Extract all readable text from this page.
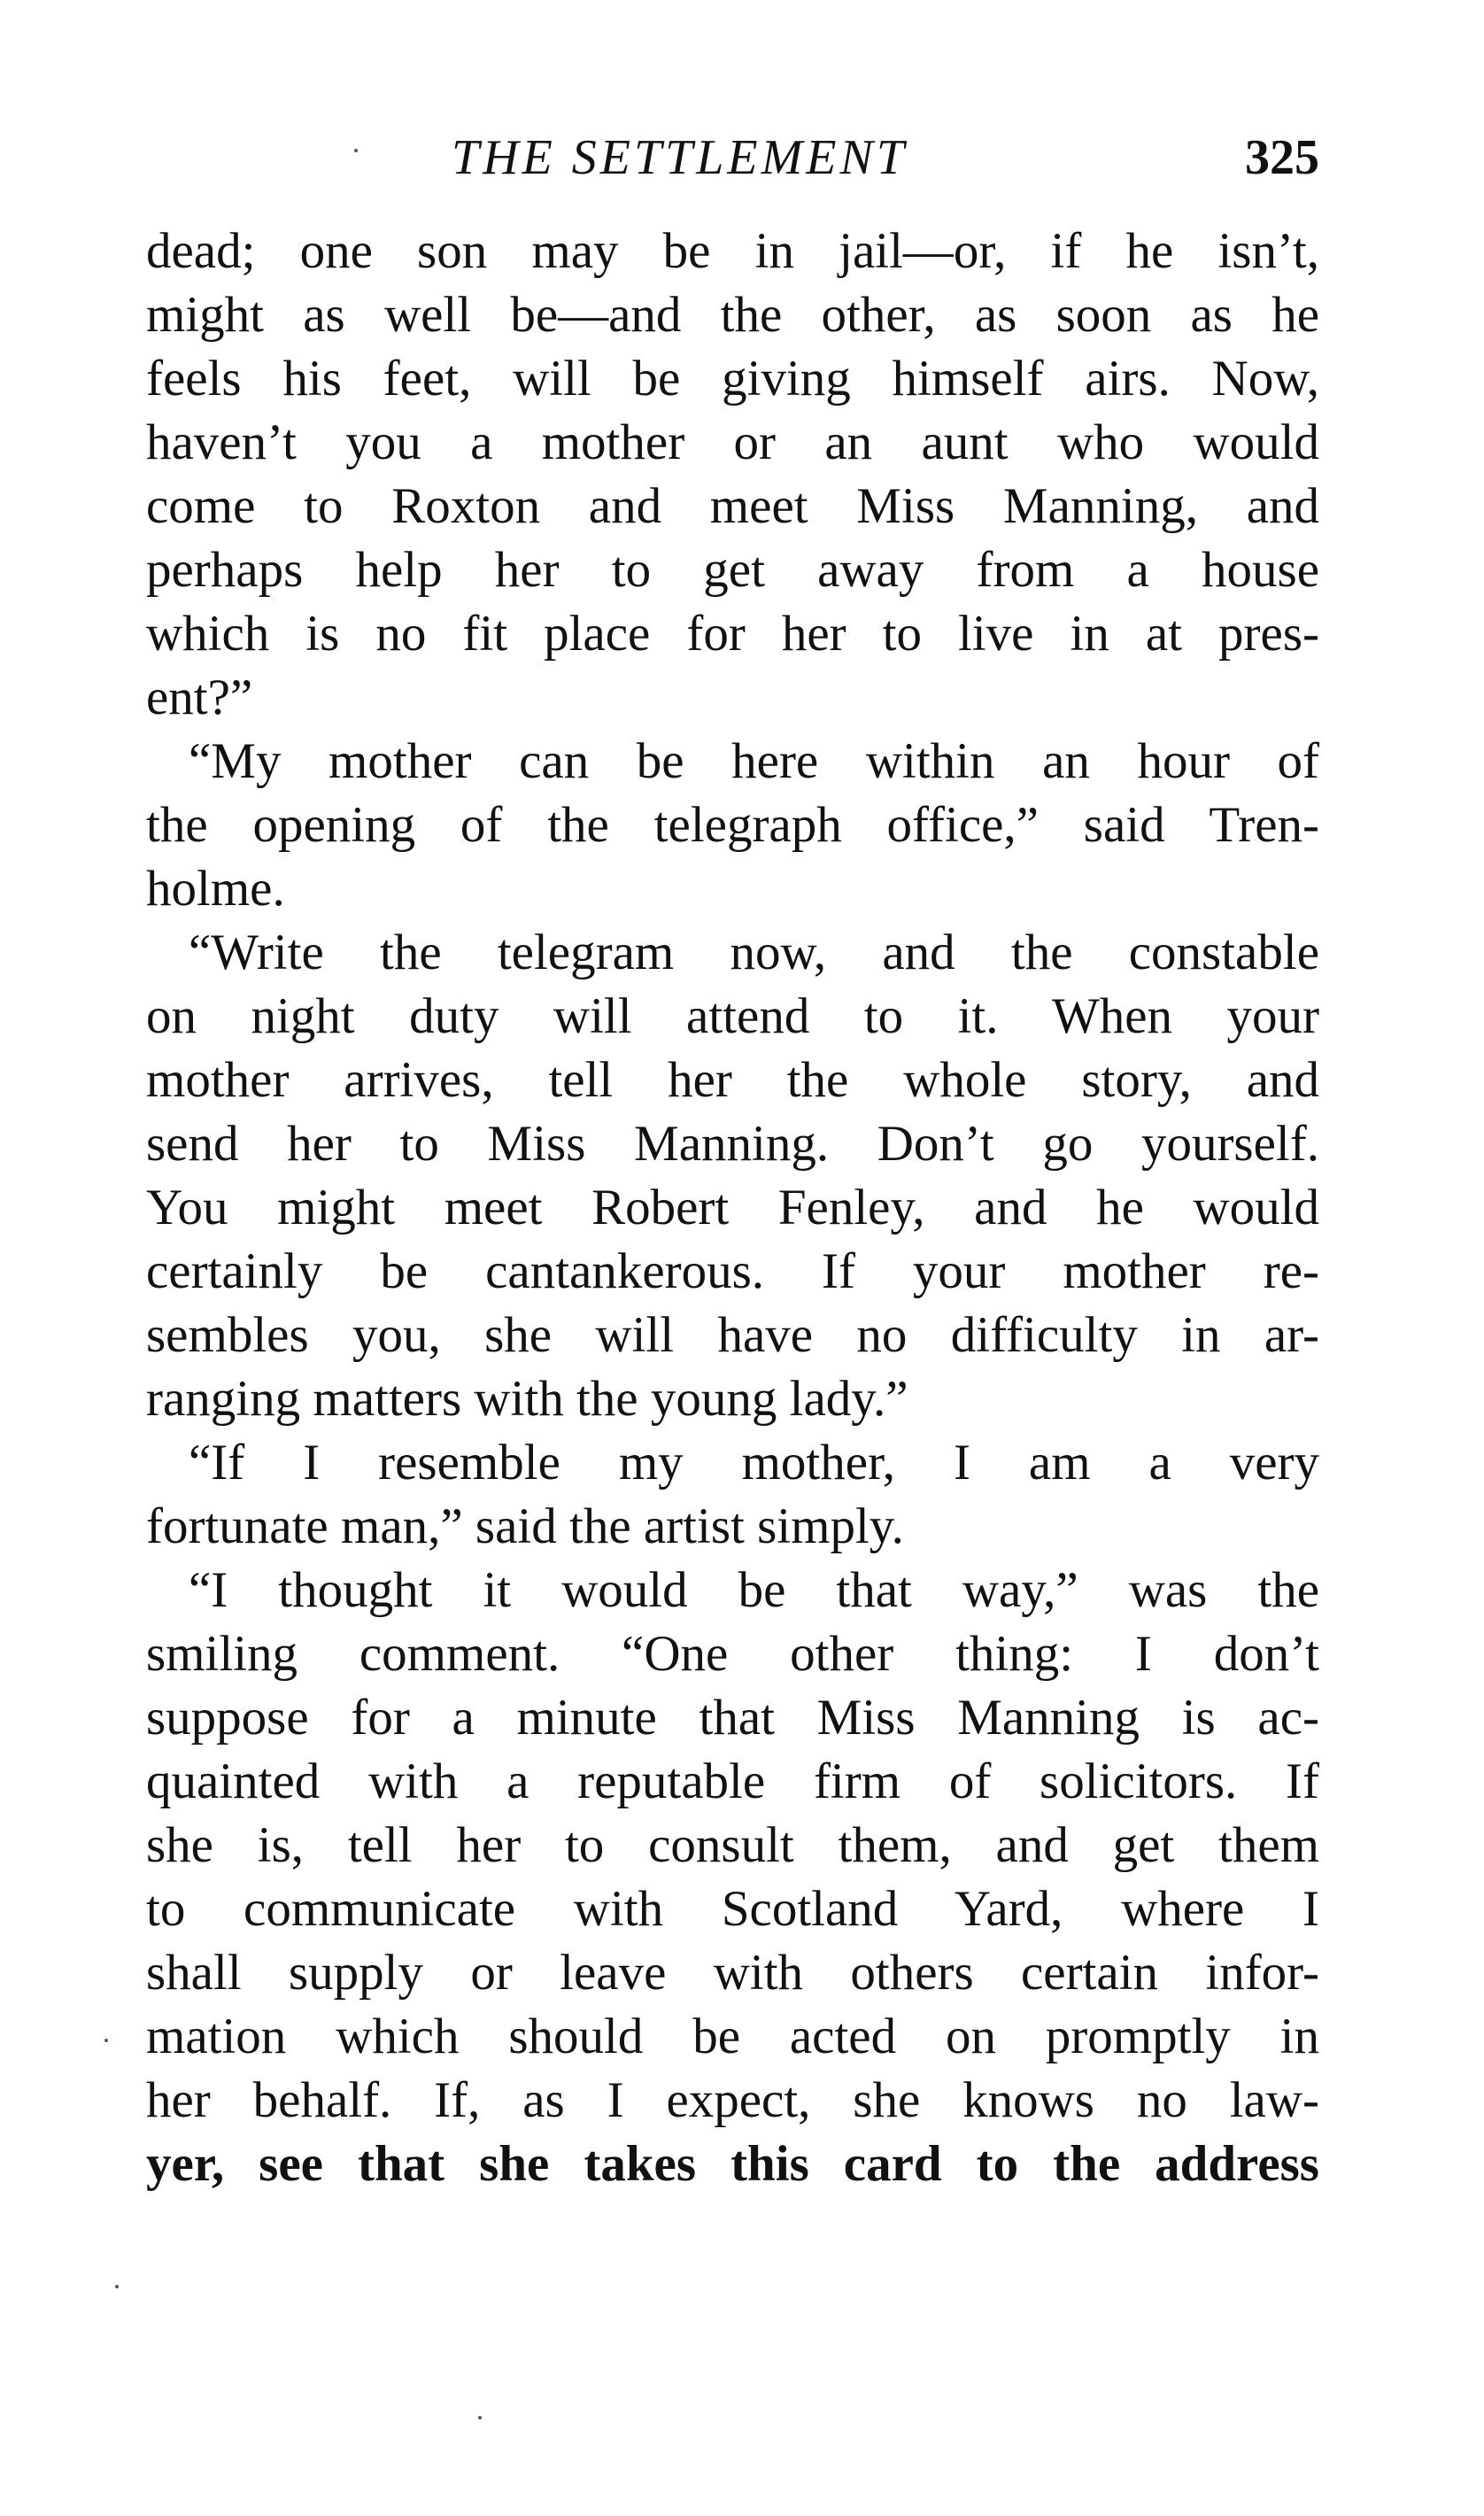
THE SETTLEMENT	325
dead; one son may be in jail—or, if he isn’t,
might as well be—and the other, as soon as he
feels his feet, will be giving himself airs. Now,
haven’t you a mother or an aunt who would
come to Roxton and meet Miss Manning, and
perhaps help her to get away from a house
which is no fit place for her to live in at pres-
ent?”
“My mother can be here within an hour of
the opening of the telegraph office,” said Tren-
holme.
“Write the telegram now, and the constable
on night duty will attend to it. When your
mother arrives, tell her the whole story, and
send her to Miss Manning. Don’t go yourself.
You might meet Robert Fenley, and he would
certainly be cantankerous. If your mother re-
sembles you, she will have no difficulty in ar-
ranging matters with the young lady.”
“If I resemble my mother, I am a very
fortunate man,” said the artist simply.
“I thought it would be that way,” was the
smiling comment. “One other thing: I don’t
suppose for a minute that Miss Manning is ac-
quainted with a reputable firm of solicitors. If
she is, tell her to consult them, and get them
to communicate with Scotland Yard, where I
shall supply or leave with others certain infor-
mation which should be acted on promptly in
her behalf. If, as I expect, she knows no law-
yer, see that she takes this card to the address
